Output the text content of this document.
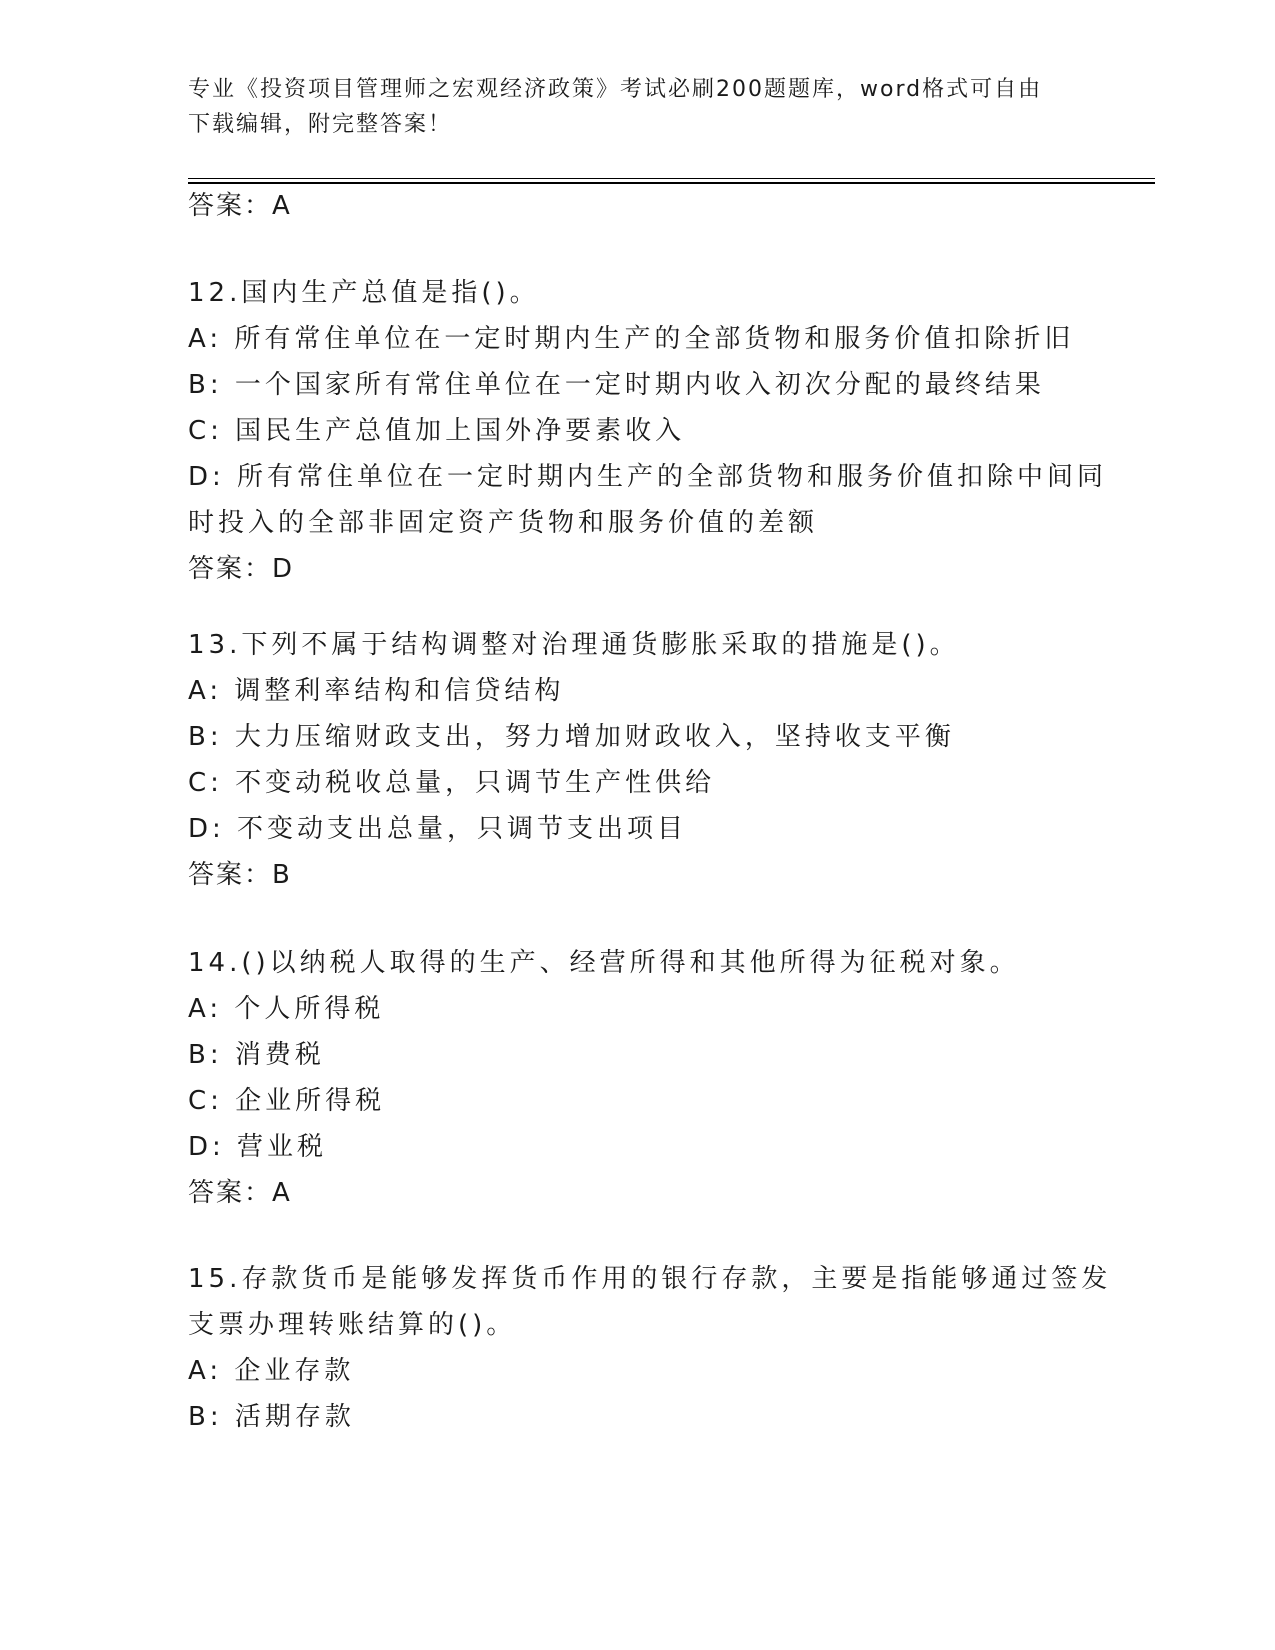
专业《投资项目管理师之宏观经济政策》考试必刷200题题库，word格式可自由
下载编辑，附完整答案！
答案：A
12.国内生产总值是指()。
A: 所有常住单位在一定时期内生产的全部货物和服务价值扣除折旧
B: 一个国家所有常住单位在一定时期内收入初次分配的最终结果
C: 国民生产总值加上国外净要素收入
D: 所有常住单位在一定时期内生产的全部货物和服务价值扣除中间同
时投入的全部非固定资产货物和服务价值的差额
答案：D
13.下列不属于结构调整对治理通货膨胀采取的措施是()。
A: 调整利率结构和信贷结构
B: 大力压缩财政支出，努力增加财政收入，坚持收支平衡
C: 不变动税收总量，只调节生产性供给
D: 不变动支出总量，只调节支出项目
答案：B
14.()以纳税人取得的生产、经营所得和其他所得为征税对象。
A: 个人所得税
B: 消费税
C: 企业所得税
D: 营业税
答案：A
15.存款货币是能够发挥货币作用的银行存款，主要是指能够通过签发
支票办理转账结算的()。
A: 企业存款
B: 活期存款
